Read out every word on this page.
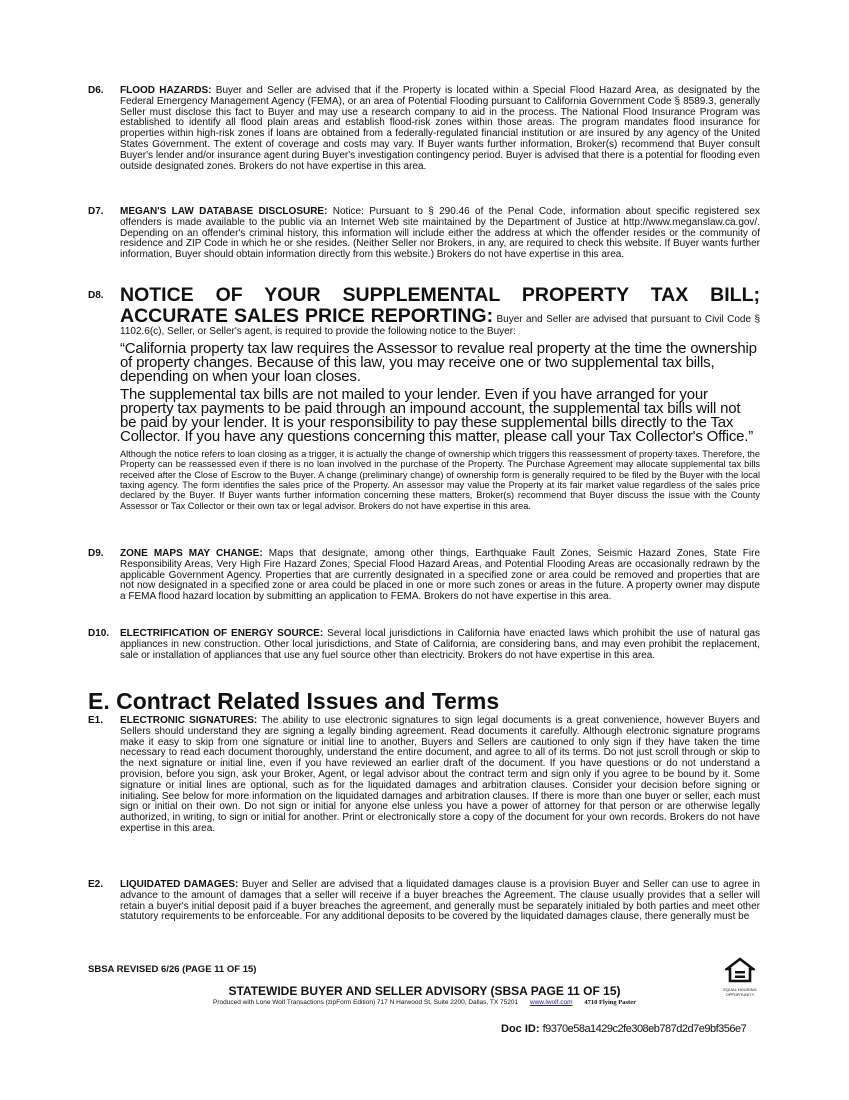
D6. FLOOD HAZARDS: Buyer and Seller are advised that if the Property is located within a Special Flood Hazard Area, as designated by the Federal Emergency Management Agency (FEMA), or an area of Potential Flooding pursuant to California Government Code § 8589.3, generally Seller must disclose this fact to Buyer and may use a research company to aid in the process. The National Flood Insurance Program was established to identify all flood plain areas and establish flood-risk zones within those areas. The program mandates flood insurance for properties within high-risk zones if loans are obtained from a federally-regulated financial institution or are insured by any agency of the United States Government. The extent of coverage and costs may vary. If Buyer wants further information, Broker(s) recommend that Buyer consult Buyer's lender and/or insurance agent during Buyer's investigation contingency period. Buyer is advised that there is a potential for flooding even outside designated zones. Brokers do not have expertise in this area.
D7. MEGAN'S LAW DATABASE DISCLOSURE: Notice: Pursuant to § 290.46 of the Penal Code, information about specific registered sex offenders is made available to the public via an Internet Web site maintained by the Department of Justice at http://www.meganslaw.ca.gov/. Depending on an offender's criminal history, this information will include either the address at which the offender resides or the community of residence and ZIP Code in which he or she resides. (Neither Seller nor Brokers, in any, are required to check this website. If Buyer wants further information, Buyer should obtain information directly from this website.) Brokers do not have expertise in this area.
D8. NOTICE OF YOUR SUPPLEMENTAL PROPERTY TAX BILL; ACCURATE SALES PRICE REPORTING: Buyer and Seller are advised that pursuant to Civil Code § 1102.6(c), Seller, or Seller's agent, is required to provide the following notice to the Buyer:
“California property tax law requires the Assessor to revalue real property at the time the ownership of property changes. Because of this law, you may receive one or two supplemental tax bills, depending on when your loan closes.
The supplemental tax bills are not mailed to your lender. Even if you have arranged for your property tax payments to be paid through an impound account, the supplemental tax bills will not be paid by your lender. It is your responsibility to pay these supplemental bills directly to the Tax Collector. If you have any questions concerning this matter, please call your Tax Collector's Office.”
Although the notice refers to loan closing as a trigger, it is actually the change of ownership which triggers this reassessment of property taxes. Therefore, the Property can be reassessed even if there is no loan involved in the purchase of the Property. The Purchase Agreement may allocate supplemental tax bills received after the Close of Escrow to the Buyer. A change (preliminary change) of ownership form is generally required to be filed by the Buyer with the local taxing agency. The form identifies the sales price of the Property. An assessor may value the Property at its fair market value regardless of the sales price declared by the Buyer. If Buyer wants further information concerning these matters, Broker(s) recommend that Buyer discuss the issue with the County Assessor or Tax Collector or their own tax or legal advisor. Brokers do not have expertise in this area.
D9. ZONE MAPS MAY CHANGE: Maps that designate, among other things, Earthquake Fault Zones, Seismic Hazard Zones, State Fire Responsibility Areas, Very High Fire Hazard Zones, Special Flood Hazard Areas, and Potential Flooding Areas are occasionally redrawn by the applicable Government Agency. Properties that are currently designated in a specified zone or area could be removed and properties that are not now designated in a specified zone or area could be placed in one or more such zones or areas in the future. A property owner may dispute a FEMA flood hazard location by submitting an application to FEMA. Brokers do not have expertise in this area.
D10. ELECTRIFICATION OF ENERGY SOURCE: Several local jurisdictions in California have enacted laws which prohibit the use of natural gas appliances in new construction. Other local jurisdictions, and State of California, are considering bans, and may even prohibit the replacement, sale or installation of appliances that use any fuel source other than electricity. Brokers do not have expertise in this area.
E. Contract Related Issues and Terms
E1. ELECTRONIC SIGNATURES: The ability to use electronic signatures to sign legal documents is a great convenience, however Buyers and Sellers should understand they are signing a legally binding agreement. Read documents it carefully. Although electronic signature programs make it easy to skip from one signature or initial line to another, Buyers and Sellers are cautioned to only sign if they have taken the time necessary to read each document thoroughly, understand the entire document, and agree to all of its terms. Do not just scroll through or skip to the next signature or initial line, even if you have reviewed an earlier draft of the document. If you have questions or do not understand a provision, before you sign, ask your Broker, Agent, or legal advisor about the contract term and sign only if you agree to be bound by it. Some signature or initial lines are optional, such as for the liquidated damages and arbitration clauses. Consider your decision before signing or initialing. See below for more information on the liquidated damages and arbitration clauses. If there is more than one buyer or seller, each must sign or initial on their own. Do not sign or initial for anyone else unless you have a power of attorney for that person or are otherwise legally authorized, in writing, to sign or initial for another. Print or electronically store a copy of the document for your own records. Brokers do not have expertise in this area.
E2. LIQUIDATED DAMAGES: Buyer and Seller are advised that a liquidated damages clause is a provision Buyer and Seller can use to agree in advance to the amount of damages that a seller will receive if a buyer breaches the Agreement. The clause usually provides that a seller will retain a buyer's initial deposit paid if a buyer breaches the agreement, and generally must be separately initialed by both parties and meet other statutory requirements to be enforceable. For any additional deposits to be covered by the liquidated damages clause, there generally must be
SBSA REVISED 6/26 (PAGE 11 OF 15)
EQUAL HOUSING OPPORTUNITY
STATEWIDE BUYER AND SELLER ADVISORY (SBSA PAGE 11 OF 15)
Produced with Lone Wolf Transactions (zipForm Edition) 717 N Harwood St, Suite 2200, Dallas, TX 75201 www.lwolf.com 4710 Flying Paster
Doc ID: f9370e58a1429c2fe308eb787d2d7e9bf356e7
